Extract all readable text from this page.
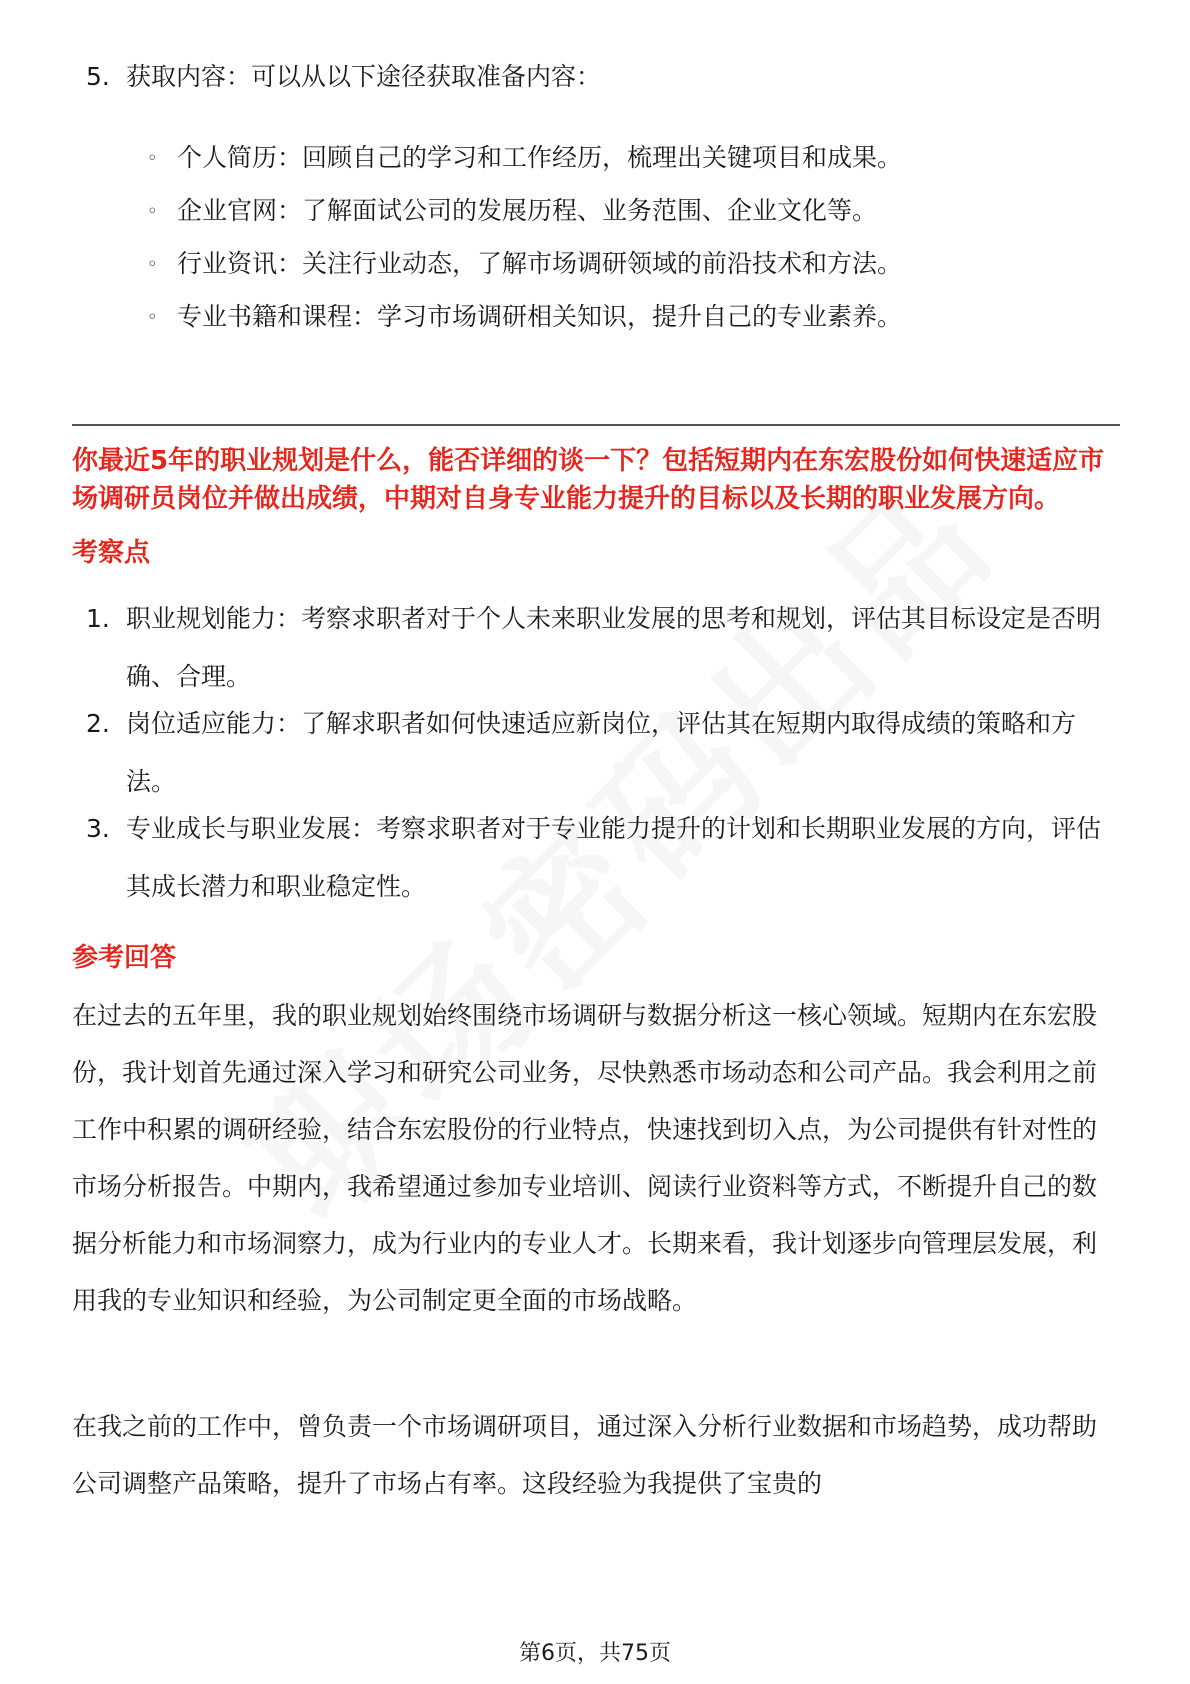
5. 获取内容：可以从以下途径获取准备内容：
◦ 个人简历：回顾自己的学习和工作经历，梳理出关键项目和成果。
◦ 企业官网：了解面试公司的发展历程、业务范围、企业文化等。
◦ 行业资讯：关注行业动态，了解市场调研领域的前沿技术和方法。
◦ 专业书籍和课程：学习市场调研相关知识，提升自己的专业素养。
你最近5年的职业规划是什么，能否详细的谈一下？包括短期内在东宏股份如何快速适应市场调研员岗位并做出成绩，中期对自身专业能力提升的目标以及长期的职业发展方向。
考察点
1. 职业规划能力：考察求职者对于个人未来职业发展的思考和规划，评估其目标设定是否明确、合理。
2. 岗位适应能力：了解求职者如何快速适应新岗位，评估其在短期内取得成绩的策略和方法。
3. 专业成长与职业发展：考察求职者对于专业能力提升的计划和长期职业发展的方向，评估其成长潜力和职业稳定性。
参考回答
在过去的五年里，我的职业规划始终围绕市场调研与数据分析这一核心领域。短期内在东宏股份，我计划首先通过深入学习和研究公司业务，尽快熟悉市场动态和公司产品。我会利用之前工作中积累的调研经验，结合东宏股份的行业特点，快速找到切入点，为公司提供有针对性的市场分析报告。中期内，我希望通过参加专业培训、阅读行业资料等方式，不断提升自己的数据分析能力和市场洞察力，成为行业内的专业人才。长期来看，我计划逐步向管理层发展，利用我的专业知识和经验，为公司制定更全面的市场战略。
在我之前的工作中，曾负责一个市场调研项目，通过深入分析行业数据和市场趋势，成功帮助公司调整产品策略，提升了市场占有率。这段经验为我提供了宝贵的
第6页，共75页
